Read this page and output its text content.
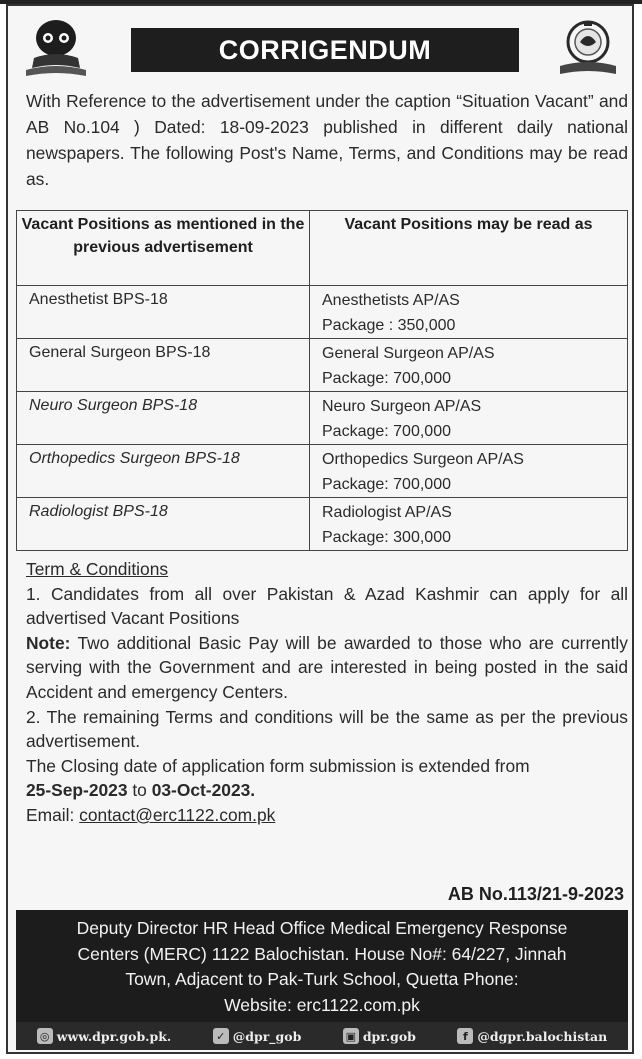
CORRIGENDUM
With Reference to the advertisement under the caption “Situation Vacant” and AB No.104 ) Dated: 18-09-2023 published in different daily national newspapers. The following Post's Name, Terms, and Conditions may be read as.
Vacant Positions as mentioned in the previous advertisement	Vacant Positions may be read as

Anesthetist BPS-18	Anesthetists AP/AS
Package : 350,000

General Surgeon BPS-18	General Surgeon AP/AS
Package: 700,000

Neuro Surgeon BPS-18	Neuro Surgeon AP/AS
Package: 700,000

Orthopedics Surgeon BPS-18	Orthopedics Surgeon AP/AS
Package: 700,000

Radiologist BPS-18	Radiologist AP/AS
Package: 300,000

Term & Conditions

1. Candidates from all over Pakistan & Azad Kashmir can apply for all advertised Vacant Positions

Note: Two additional Basic Pay will be awarded to those who are currently serving with the Government and are interested in being posted in the said Accident and emergency Centers.

2. The remaining Terms and conditions will be the same as per the previous advertisement.

The Closing date of application form submission is extended from

25-Sep-2023 to 03-Oct-2023.

Email: contact@erc1122.com.pk

AB No.113/21-9-2023
Deputy Director HR Head Office Medical Emergency Response
Centers (MERC) 1122 Balochistan. House No#: 64/227, Jinnah
Town, Adjacent to Pak-Turk School, Quetta Phone:
Website: erc1122.com.pk
◎ www.dpr.gob.pk.	✓ @dpr_gob	▣ dpr.gob	f @dgpr.balochistan
